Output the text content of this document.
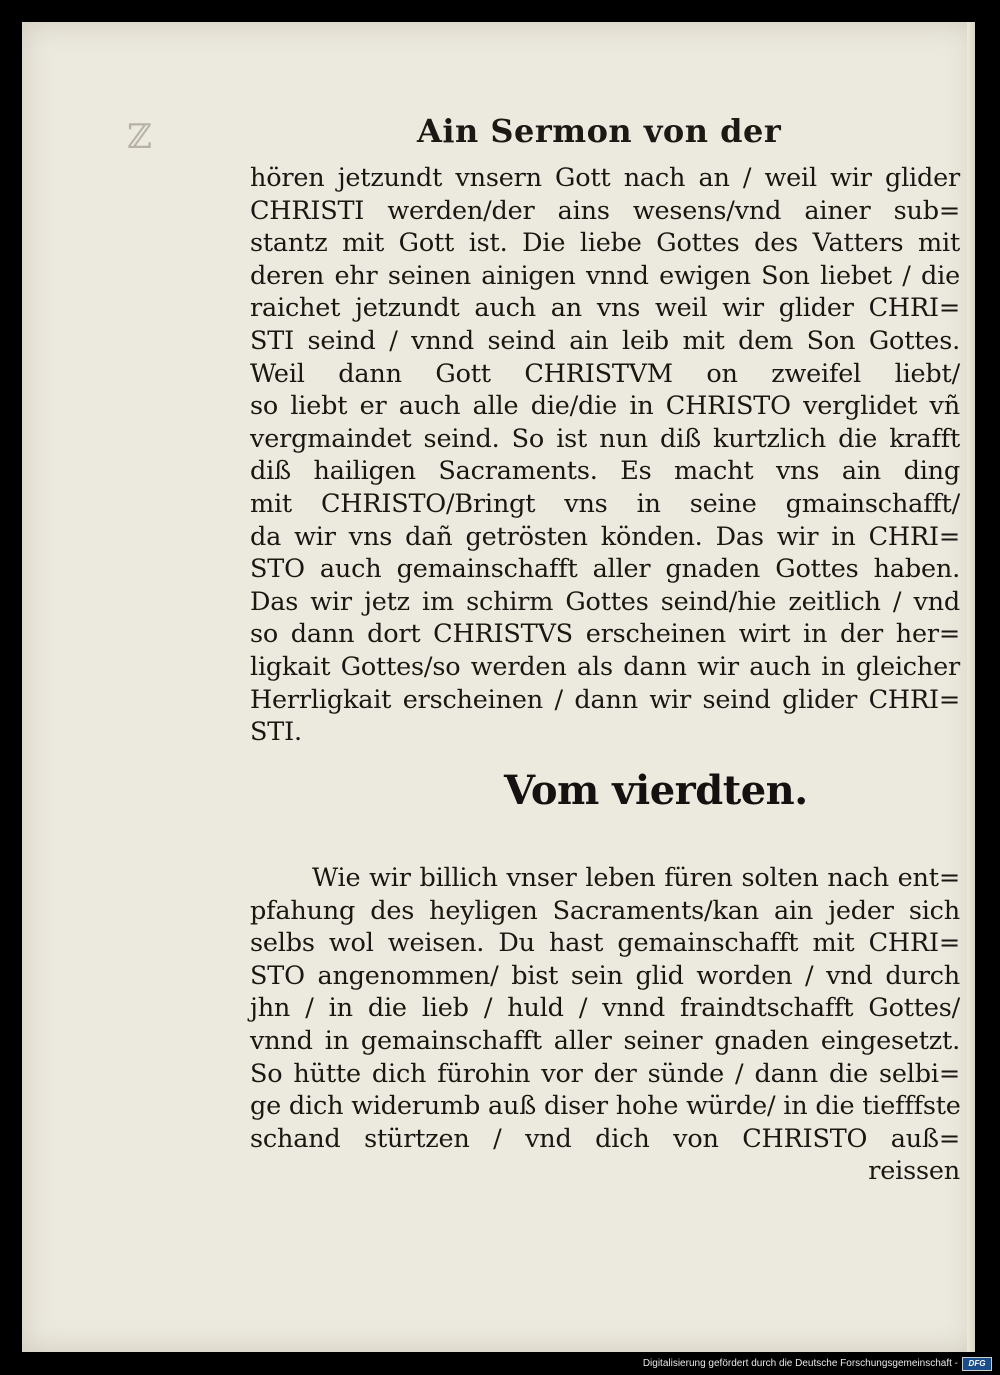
ℤ	Ain Sermon von der
hören jetzundt vnsern Gott nach an / weil wir glider
CHRISTI werden/der ains wesens/vnd ainer sub=
stantz mit Gott ist. Die liebe Gottes des Vatters mit
deren ehr seinen ainigen vnnd ewigen Son liebet / die
raichet jetzundt auch an vns weil wir glider CHRI=
STI seind / vnnd seind ain leib mit dem Son Gottes.
Weil dann Gott CHRISTVM on zweifel liebt/
so liebt er auch alle die/die in CHRISTO verglidet vñ
vergmaindet seind. So ist nun diß kurtzlich die krafft
diß hailigen Sacraments. Es macht vns ain ding
mit CHRISTO/Bringt vns in seine gmainschafft/
da wir vns dañ getrösten könden. Das wir in CHRI=
STO auch gemainschafft aller gnaden Gottes haben.
Das wir jetz im schirm Gottes seind/hie zeitlich / vnd
so dann dort CHRISTVS erscheinen wirt in der her=
ligkait Gottes/so werden als dann wir auch in gleicher
Herrligkait erscheinen / dann wir seind glider CHRI=
STI.
Vom vierdten.
Wie wir billich vnser leben füren solten nach ent=
pfahung des heyligen Sacraments/kan ain jeder sich
selbs wol weisen. Du hast gemainschafft mit CHRI=
STO angenommen/ bist sein glid worden / vnd durch
jhn / in die lieb / huld / vnnd fraindtschafft Gottes/
vnnd in gemainschafft aller seiner gnaden eingesetzt.
So hütte dich fürohin vor der sünde / dann die selbi=
ge dich widerumb auß diser hohe würde/ in die tiefffste
schand stürtzen / vnd dich von CHRISTO auß=
reissen
Digitalisierung gefördert durch die Deutsche Forschungsgemeinschaft -	DFG
